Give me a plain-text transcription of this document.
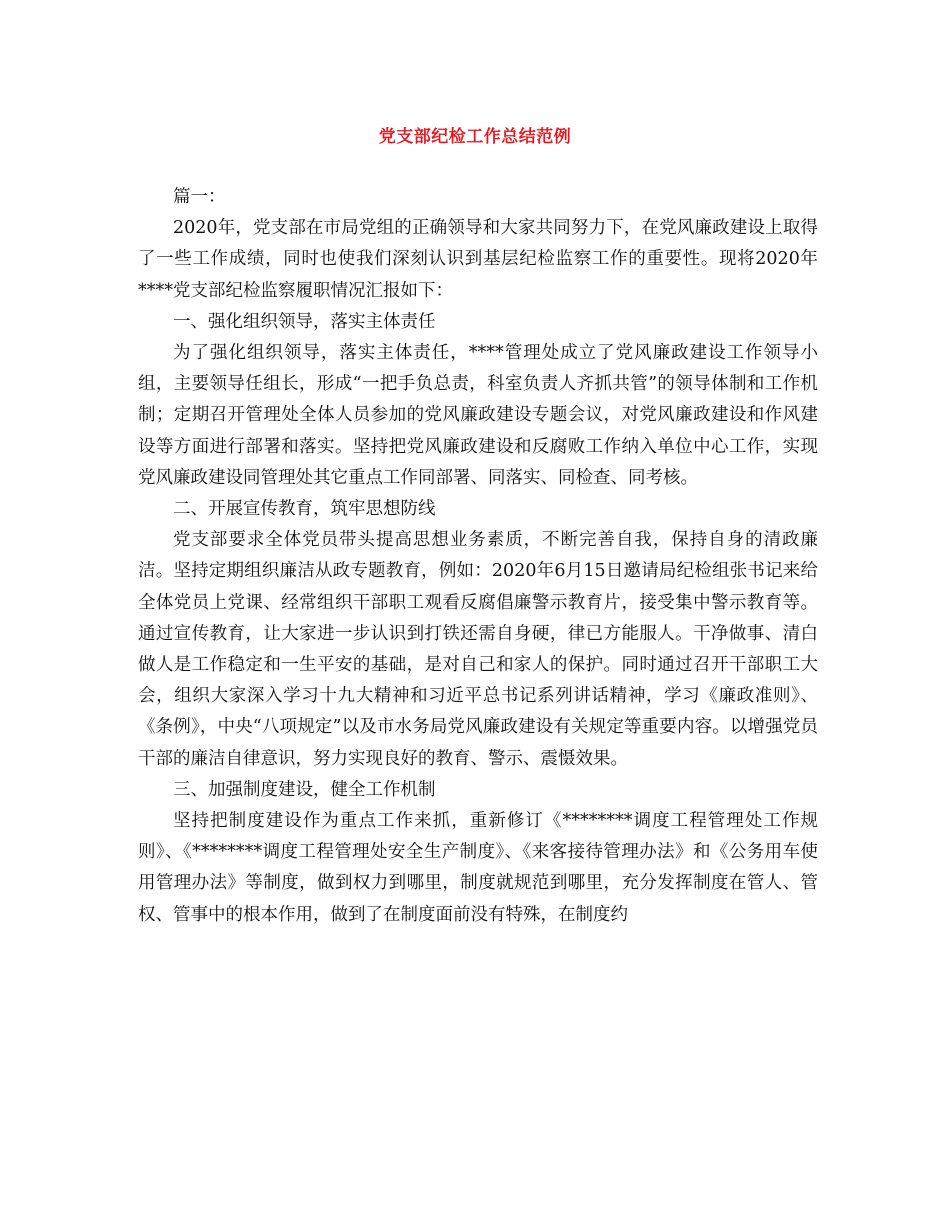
党支部纪检工作总结范例

篇一：

2020年，党支部在市局党组的正确领导和大家共同努力下，在党风廉政建设上取得了一些工作成绩，同时也使我们深刻认识到基层纪检监察工作的重要性。现将2020年****党支部纪检监察履职情况汇报如下：

一、强化组织领导，落实主体责任

为了强化组织领导，落实主体责任，****管理处成立了党风廉政建设工作领导小组，主要领导任组长，形成“一把手负总责，科室负责人齐抓共管”的领导体制和工作机制；定期召开管理处全体人员参加的党风廉政建设专题会议，对党风廉政建设和作风建设等方面进行部署和落实。坚持把党风廉政建设和反腐败工作纳入单位中心工作，实现党风廉政建设同管理处其它重点工作同部署、同落实、同检查、同考核。

二、开展宣传教育，筑牢思想防线

党支部要求全体党员带头提高思想业务素质，不断完善自我，保持自身的清政廉洁。坚持定期组织廉洁从政专题教育，例如：2020年6月15日邀请局纪检组张书记来给全体党员上党课、经常组织干部职工观看反腐倡廉警示教育片，接受集中警示教育等。通过宣传教育，让大家进一步认识到打铁还需自身硬，律已方能服人。干净做事、清白做人是工作稳定和一生平安的基础，是对自己和家人的保护。同时通过召开干部职工大会，组织大家深入学习十九大精神和习近平总书记系列讲话精神，学习《廉政准则》、《条例》，中央“八项规定”以及市水务局党风廉政建设有关规定等重要内容。以增强党员干部的廉洁自律意识，努力实现良好的教育、警示、震慑效果。

三、加强制度建设，健全工作机制

坚持把制度建设作为重点工作来抓，重新修订《********调度工程管理处工作规则》、《********调度工程管理处安全生产制度》、《来客接待管理办法》和《公务用车使用管理办法》等制度，做到权力到哪里，制度就规范到哪里，充分发挥制度在管人、管权、管事中的根本作用，做到了在制度面前没有特殊，在制度约
